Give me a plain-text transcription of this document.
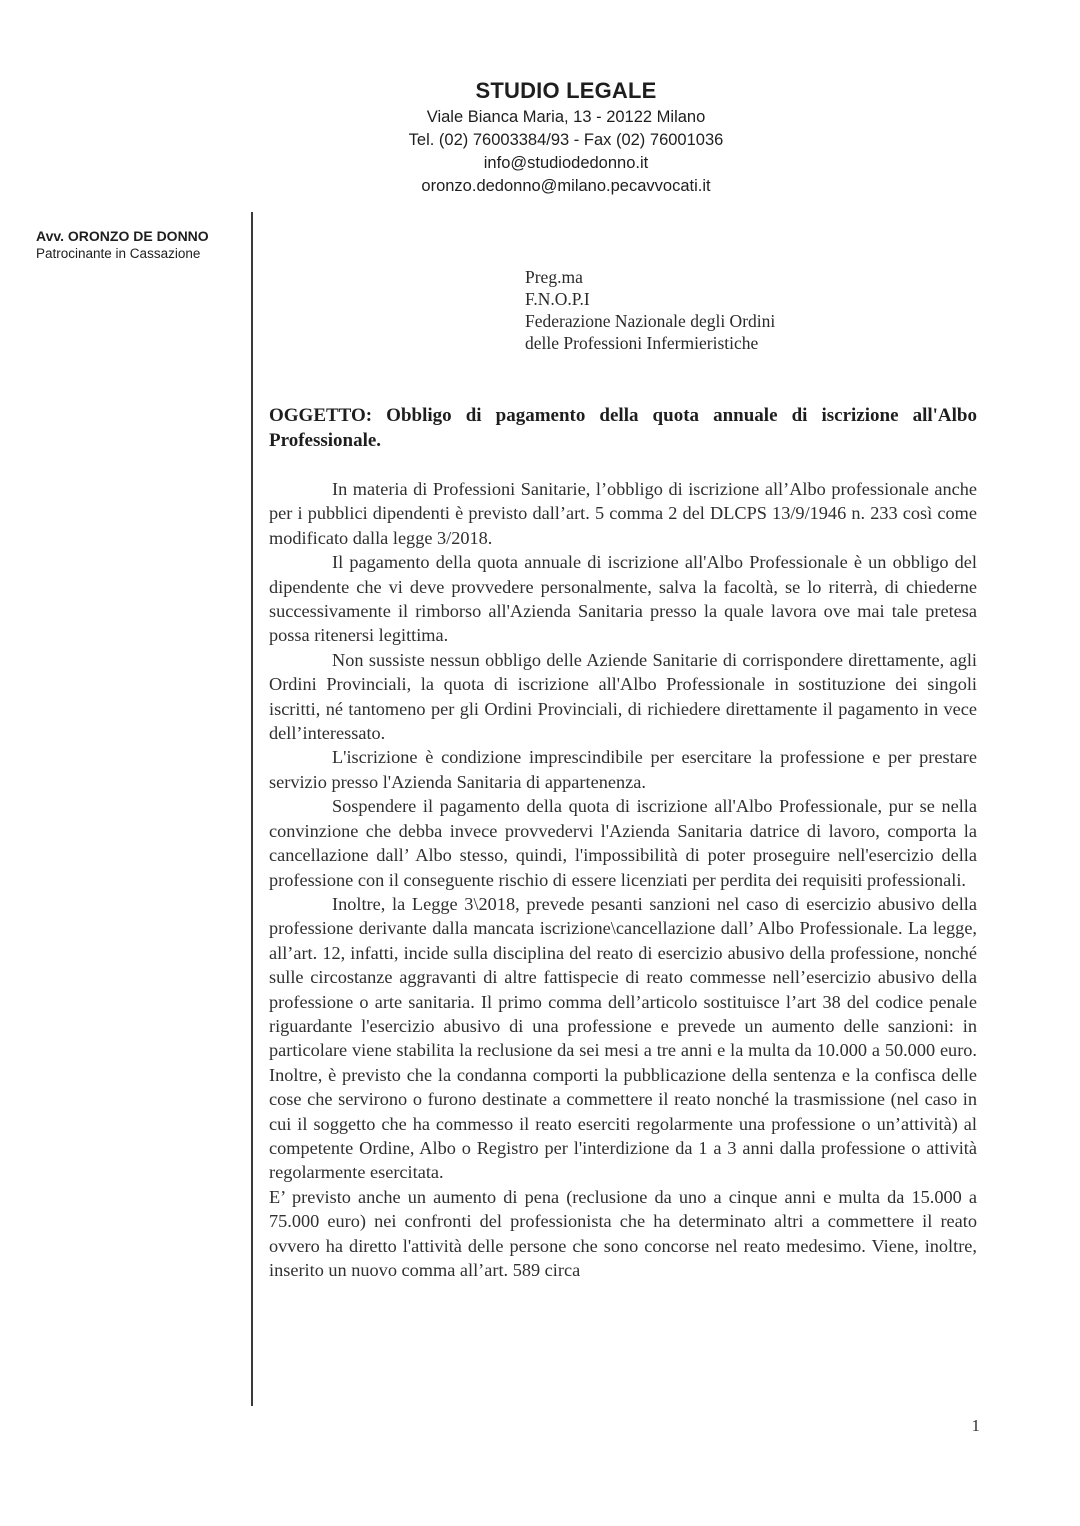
STUDIO LEGALE
Viale Bianca Maria, 13 - 20122 Milano
Tel. (02) 76003384/93 - Fax (02) 76001036
info@studiodedonno.it
oronzo.dedonno@milano.pecavvocati.it
Avv. ORONZO DE DONNO
Patrocinante in Cassazione
Preg.ma
F.N.O.P.I
Federazione Nazionale degli Ordini
delle Professioni Infermieristiche
OGGETTO: Obbligo di pagamento della quota annuale di iscrizione all'Albo Professionale.

In materia di Professioni Sanitarie, l’obbligo di iscrizione all’Albo professionale anche per i pubblici dipendenti è previsto dall’art. 5 comma 2 del DLCPS 13/9/1946 n. 233 così come modificato dalla legge 3/2018.

Il pagamento della quota annuale di iscrizione all'Albo Professionale è un obbligo del dipendente che vi deve provvedere personalmente, salva la facoltà, se lo riterrà, di chiederne successivamente il rimborso all'Azienda Sanitaria presso la quale lavora ove mai tale pretesa possa ritenersi legittima.

Non sussiste nessun obbligo delle Aziende Sanitarie di corrispondere direttamente, agli Ordini Provinciali, la quota di iscrizione all'Albo Professionale in sostituzione dei singoli iscritti, né tantomeno per gli Ordini Provinciali, di richiedere direttamente il pagamento in vece dell’interessato.

L'iscrizione è condizione imprescindibile per esercitare la professione e per prestare servizio presso l'Azienda Sanitaria di appartenenza.

Sospendere il pagamento della quota di iscrizione all'Albo Professionale, pur se nella convinzione che debba invece provvedervi l'Azienda Sanitaria datrice di lavoro, comporta la cancellazione dall’ Albo stesso, quindi, l'impossibilità di poter proseguire nell'esercizio della professione con il conseguente rischio di essere licenziati per perdita dei requisiti professionali.

Inoltre, la Legge 3\2018, prevede pesanti sanzioni nel caso di esercizio abusivo della professione derivante dalla mancata iscrizione\cancellazione dall’ Albo Professionale. La legge, all’art. 12, infatti, incide sulla disciplina del reato di esercizio abusivo della professione, nonché sulle circostanze aggravanti di altre fattispecie di reato commesse nell’esercizio abusivo della professione o arte sanitaria. Il primo comma dell’articolo sostituisce l’art 38 del codice penale riguardante l'esercizio abusivo di una professione e prevede un aumento delle sanzioni: in particolare viene stabilita la reclusione da sei mesi a tre anni e la multa da 10.000 a 50.000 euro. Inoltre, è previsto che la condanna comporti la pubblicazione della sentenza e la confisca delle cose che servirono o furono destinate a commettere il reato nonché la trasmissione (nel caso in cui il soggetto che ha commesso il reato eserciti regolarmente una professione o un’attività) al competente Ordine, Albo o Registro per l'interdizione da 1 a 3 anni dalla professione o attività regolarmente esercitata.

E’ previsto anche un aumento di pena (reclusione da uno a cinque anni e multa da 15.000 a 75.000 euro) nei confronti del professionista che ha determinato altri a commettere il reato ovvero ha diretto l'attività delle persone che sono concorse nel reato medesimo. Viene, inoltre, inserito un nuovo comma all’art. 589 circa

1
